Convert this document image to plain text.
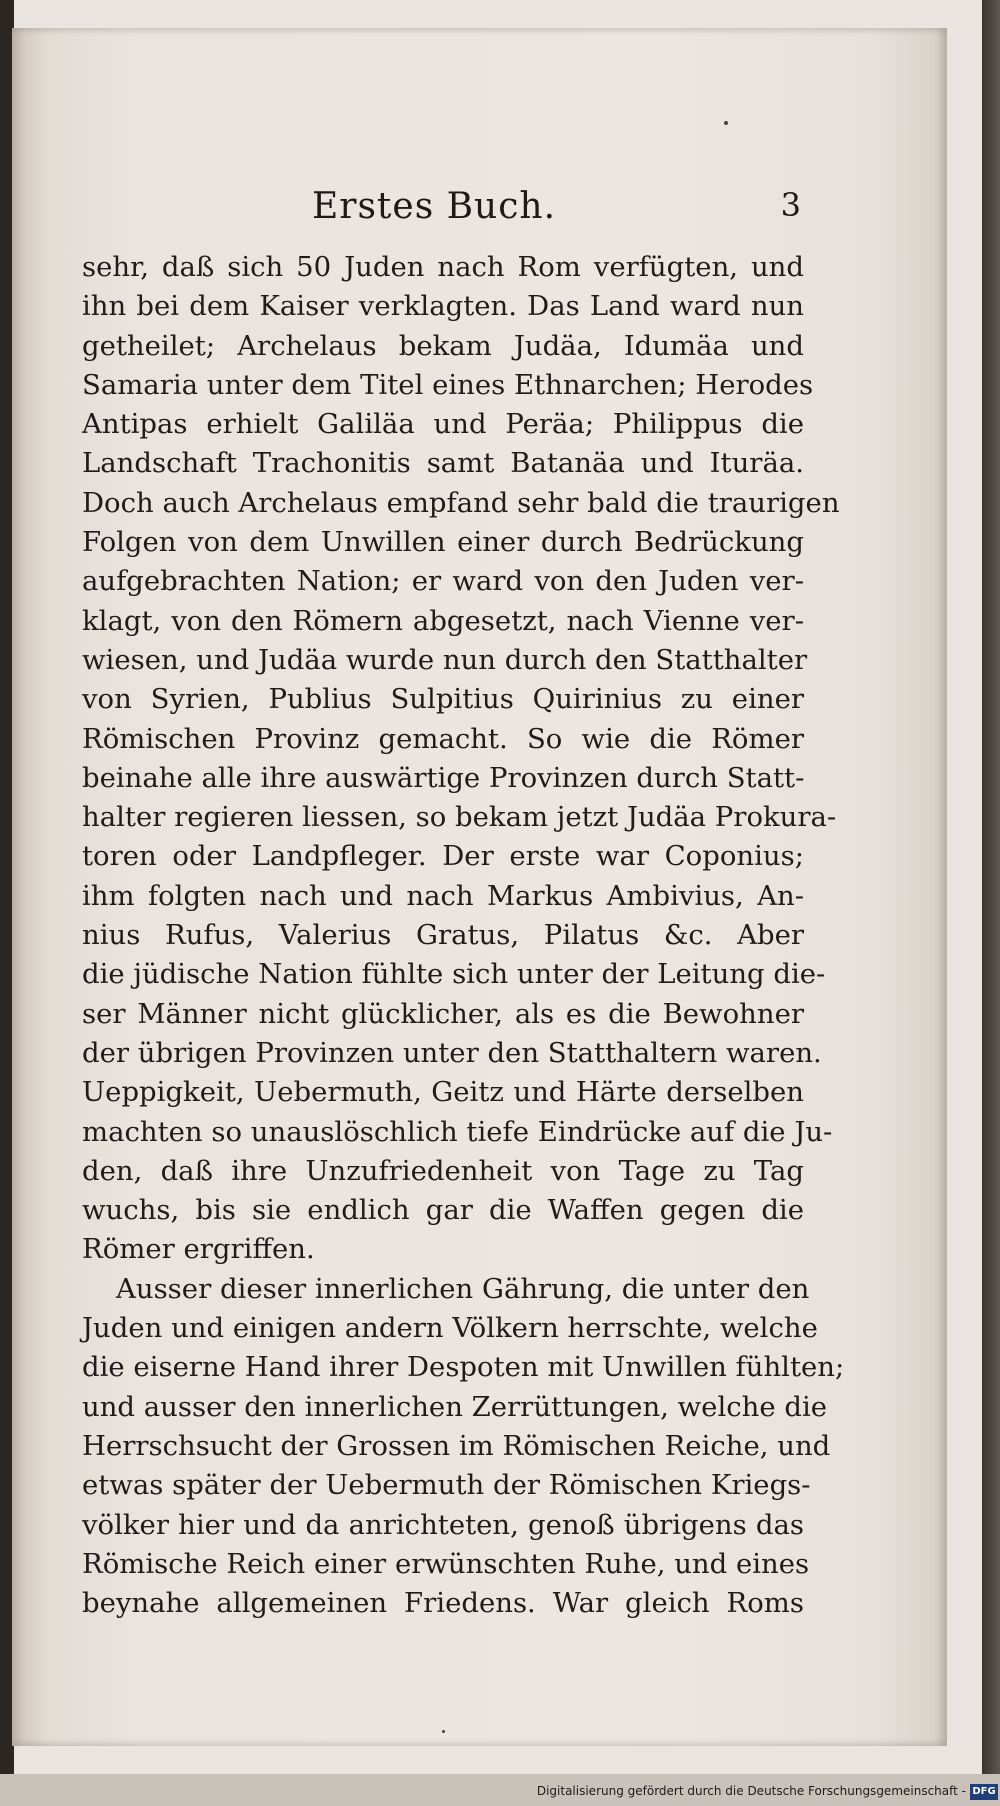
Erstes Buch.	3
sehr, daß sich 50 Juden nach Rom verfügten, und
ihn bei dem Kaiser verklagten. Das Land ward nun
getheilet; Archelaus bekam Judäa, Idumäa und
Samaria unter dem Titel eines Ethnarchen; Herodes
Antipas erhielt Galiläa und Peräa; Philippus die
Landschaft Trachonitis samt Batanäa und Ituräa.
Doch auch Archelaus empfand sehr bald die traurigen
Folgen von dem Unwillen einer durch Bedrückung
aufgebrachten Nation; er ward von den Juden ver-
klagt, von den Römern abgesetzt, nach Vienne ver-
wiesen, und Judäa wurde nun durch den Statthalter
von Syrien, Publius Sulpitius Quirinius zu einer
Römischen Provinz gemacht. So wie die Römer
beinahe alle ihre auswärtige Provinzen durch Statt-
halter regieren liessen, so bekam jetzt Judäa Prokura-
toren oder Landpfleger. Der erste war Coponius;
ihm folgten nach und nach Markus Ambivius, An-
nius Rufus, Valerius Gratus, Pilatus &c. Aber
die jüdische Nation fühlte sich unter der Leitung die-
ser Männer nicht glücklicher, als es die Bewohner
der übrigen Provinzen unter den Statthaltern waren.
Ueppigkeit, Uebermuth, Geitz und Härte derselben
machten so unauslöschlich tiefe Eindrücke auf die Ju-
den, daß ihre Unzufriedenheit von Tage zu Tag
wuchs, bis sie endlich gar die Waffen gegen die
Römer ergriffen.
Ausser dieser innerlichen Gährung, die unter den
Juden und einigen andern Völkern herrschte, welche
die eiserne Hand ihrer Despoten mit Unwillen fühlten;
und ausser den innerlichen Zerrüttungen, welche die
Herrschsucht der Grossen im Römischen Reiche, und
etwas später der Uebermuth der Römischen Kriegs-
völker hier und da anrichteten, genoß übrigens das
Römische Reich einer erwünschten Ruhe, und eines
beynahe allgemeinen Friedens. War gleich Roms
Digitalisierung gefördert durch die Deutsche Forschungsgemeinschaft - DFG
